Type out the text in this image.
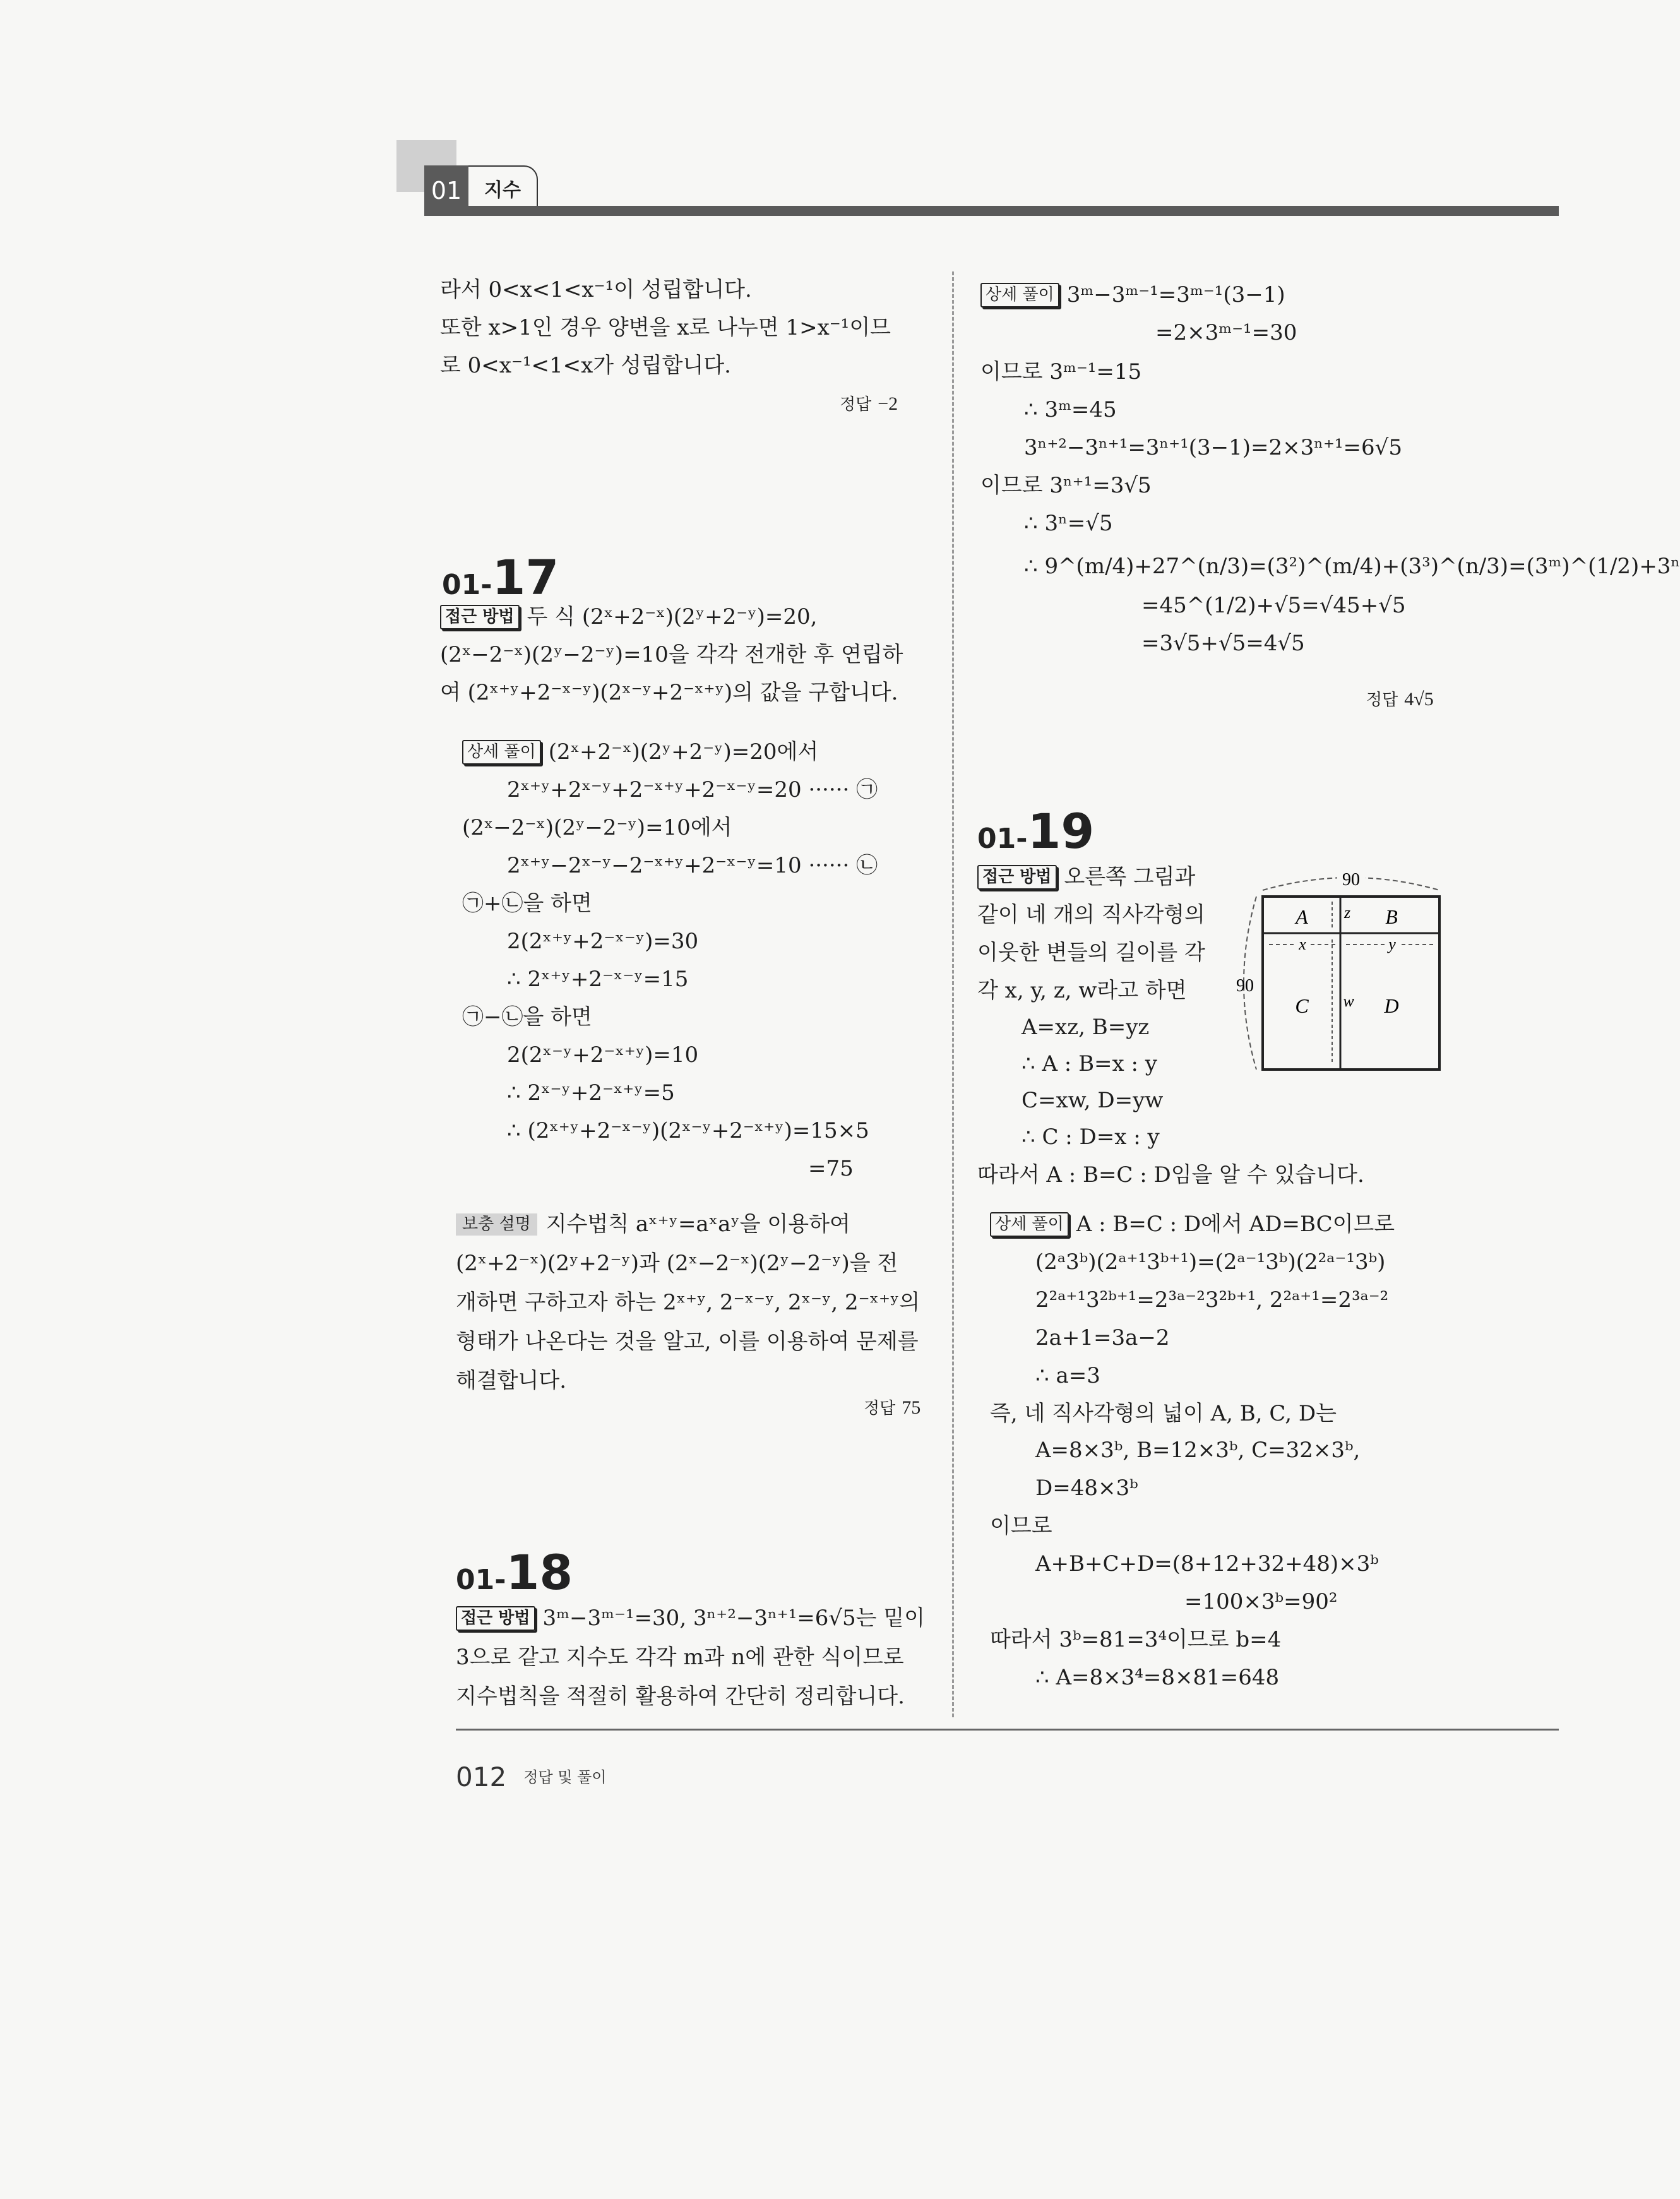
01	지수
라서 0<x<1<x⁻¹이 성립합니다.
또한 x>1인 경우 양변을 x로 나누면 1>x⁻¹이므
로 0<x⁻¹<1<x가 성립합니다.
정답 −2
01-17
접근 방법 두 식 (2ˣ+2⁻ˣ)(2ʸ+2⁻ʸ)=20,
(2ˣ−2⁻ˣ)(2ʸ−2⁻ʸ)=10을 각각 전개한 후 연립하
여 (2ˣ⁺ʸ+2⁻ˣ⁻ʸ)(2ˣ⁻ʸ+2⁻ˣ⁺ʸ)의 값을 구합니다.
상세 풀이 (2ˣ+2⁻ˣ)(2ʸ+2⁻ʸ)=20에서
2ˣ⁺ʸ+2ˣ⁻ʸ+2⁻ˣ⁺ʸ+2⁻ˣ⁻ʸ=20 ······ ㉠
(2ˣ−2⁻ˣ)(2ʸ−2⁻ʸ)=10에서
2ˣ⁺ʸ−2ˣ⁻ʸ−2⁻ˣ⁺ʸ+2⁻ˣ⁻ʸ=10 ······ ㉡
㉠+㉡을 하면
2(2ˣ⁺ʸ+2⁻ˣ⁻ʸ)=30
∴ 2ˣ⁺ʸ+2⁻ˣ⁻ʸ=15
㉠−㉡을 하면
2(2ˣ⁻ʸ+2⁻ˣ⁺ʸ)=10
∴ 2ˣ⁻ʸ+2⁻ˣ⁺ʸ=5
∴ (2ˣ⁺ʸ+2⁻ˣ⁻ʸ)(2ˣ⁻ʸ+2⁻ˣ⁺ʸ)=15×5
=75
보충 설명 지수법칙 aˣ⁺ʸ=aˣaʸ을 이용하여
(2ˣ+2⁻ˣ)(2ʸ+2⁻ʸ)과 (2ˣ−2⁻ˣ)(2ʸ−2⁻ʸ)을 전
개하면 구하고자 하는 2ˣ⁺ʸ, 2⁻ˣ⁻ʸ, 2ˣ⁻ʸ, 2⁻ˣ⁺ʸ의
형태가 나온다는 것을 알고, 이를 이용하여 문제를
해결합니다.
정답 75
01-18
접근 방법 3ᵐ−3ᵐ⁻¹=30, 3ⁿ⁺²−3ⁿ⁺¹=6√5는 밑이
3으로 같고 지수도 각각 m과 n에 관한 식이므로
지수법칙을 적절히 활용하여 간단히 정리합니다.
상세 풀이 3ᵐ−3ᵐ⁻¹=3ᵐ⁻¹(3−1)
=2×3ᵐ⁻¹=30
이므로 3ᵐ⁻¹=15
∴ 3ᵐ=45
3ⁿ⁺²−3ⁿ⁺¹=3ⁿ⁺¹(3−1)=2×3ⁿ⁺¹=6√5
이므로 3ⁿ⁺¹=3√5
∴ 3ⁿ=√5
∴ 9^(m/4)+27^(n/3)=(3²)^(m/4)+(3³)^(n/3)=(3ᵐ)^(1/2)+3ⁿ
=45^(1/2)+√5=√45+√5
=3√5+√5=4√5
정답 4√5
01-19
접근 방법 오른쪽 그림과
같이 네 개의 직사각형의
이웃한 변들의 길이를 각
각 x, y, z, w라고 하면
A=xz, B=yz
∴ A : B=x : y
C=xw, D=yw
∴ C : D=x : y
따라서 A : B=C : D임을 알 수 있습니다.
90
90
A	B
C	D
x	y
z
w
상세 풀이 A : B=C : D에서 AD=BC이므로
(2ᵃ3ᵇ)(2ᵃ⁺¹3ᵇ⁺¹)=(2ᵃ⁻¹3ᵇ)(2²ᵃ⁻¹3ᵇ)
2²ᵃ⁺¹3²ᵇ⁺¹=2³ᵃ⁻²3²ᵇ⁺¹, 2²ᵃ⁺¹=2³ᵃ⁻²
2a+1=3a−2
∴ a=3
즉, 네 직사각형의 넓이 A, B, C, D는
A=8×3ᵇ, B=12×3ᵇ, C=32×3ᵇ,
D=48×3ᵇ
이므로
A+B+C+D=(8+12+32+48)×3ᵇ
=100×3ᵇ=90²
따라서 3ᵇ=81=3⁴이므로 b=4
∴ A=8×3⁴=8×81=648
012 정답 및 풀이
